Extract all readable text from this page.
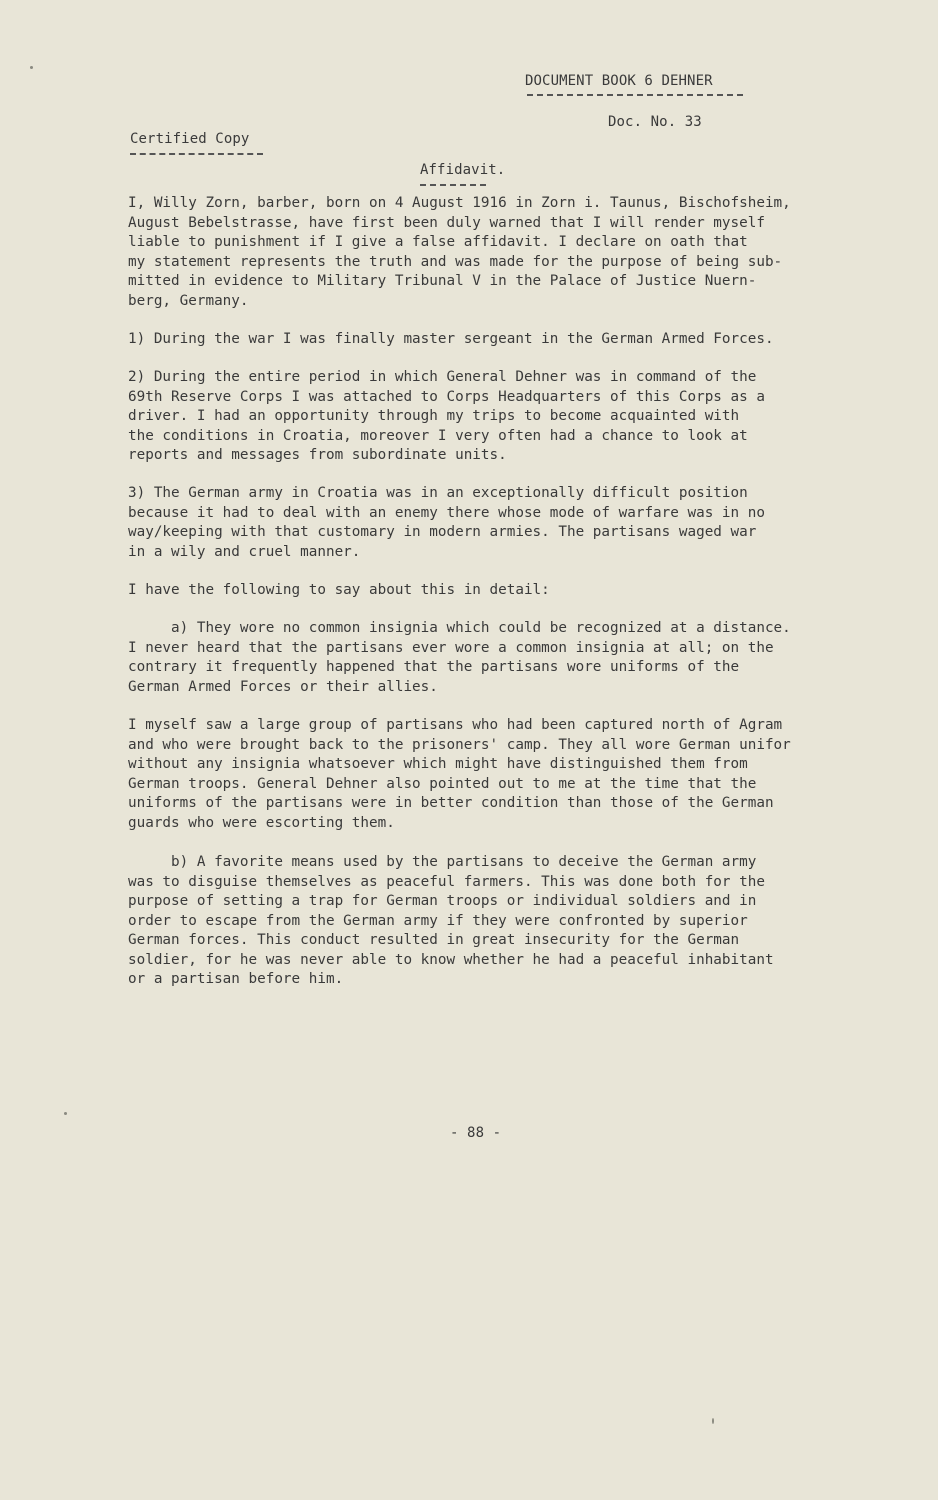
DOCUMENT BOOK 6 DEHNER
Doc. No. 33
Certified Copy
Affidavit.
I, Willy Zorn, barber, born on 4 August 1916 in Zorn i. Taunus, Bischofsheim,
August Bebelstrasse, have first been duly warned that I will render myself
liable to punishment if I give a false affidavit. I declare on oath that
my statement represents the truth and was made for the purpose of being sub-
mitted in evidence to Military Tribunal V in the Palace of Justice Nuern-
berg, Germany.
1) During the war I was finally master sergeant in the German Armed Forces.
2) During the entire period in which General Dehner was in command of the
69th Reserve Corps I was attached to Corps Headquarters of this Corps as a
driver. I had an opportunity through my trips to become acquainted with
the conditions in Croatia, moreover I very often had a chance to look at
reports and messages from subordinate units.
3) The German army in Croatia was in an exceptionally difficult position
because it had to deal with an enemy there whose mode of warfare was in no
way/keeping with that customary in modern armies. The partisans waged war
in a wily and cruel manner.
I have the following to say about this in detail:
a) They wore no common insignia which could be recognized at a distance.
I never heard that the partisans ever wore a common insignia at all; on the
contrary it frequently happened that the partisans wore uniforms of the
German Armed Forces or their allies.
I myself saw a large group of partisans who had been captured north of Agram
and who were brought back to the prisoners' camp. They all wore German unifor
without any insignia whatsoever which might have distinguished them from
German troops. General Dehner also pointed out to me at the time that the
uniforms of the partisans were in better condition than those of the German
guards who were escorting them.
b) A favorite means used by the partisans to deceive the German army
was to disguise themselves as peaceful farmers. This was done both for the
purpose of setting a trap for German troops or individual soldiers and in
order to escape from the German army if they were confronted by superior
German forces. This conduct resulted in great insecurity for the German
soldier, for he was never able to know whether he had a peaceful inhabitant
or a partisan before him.
- 88 -
